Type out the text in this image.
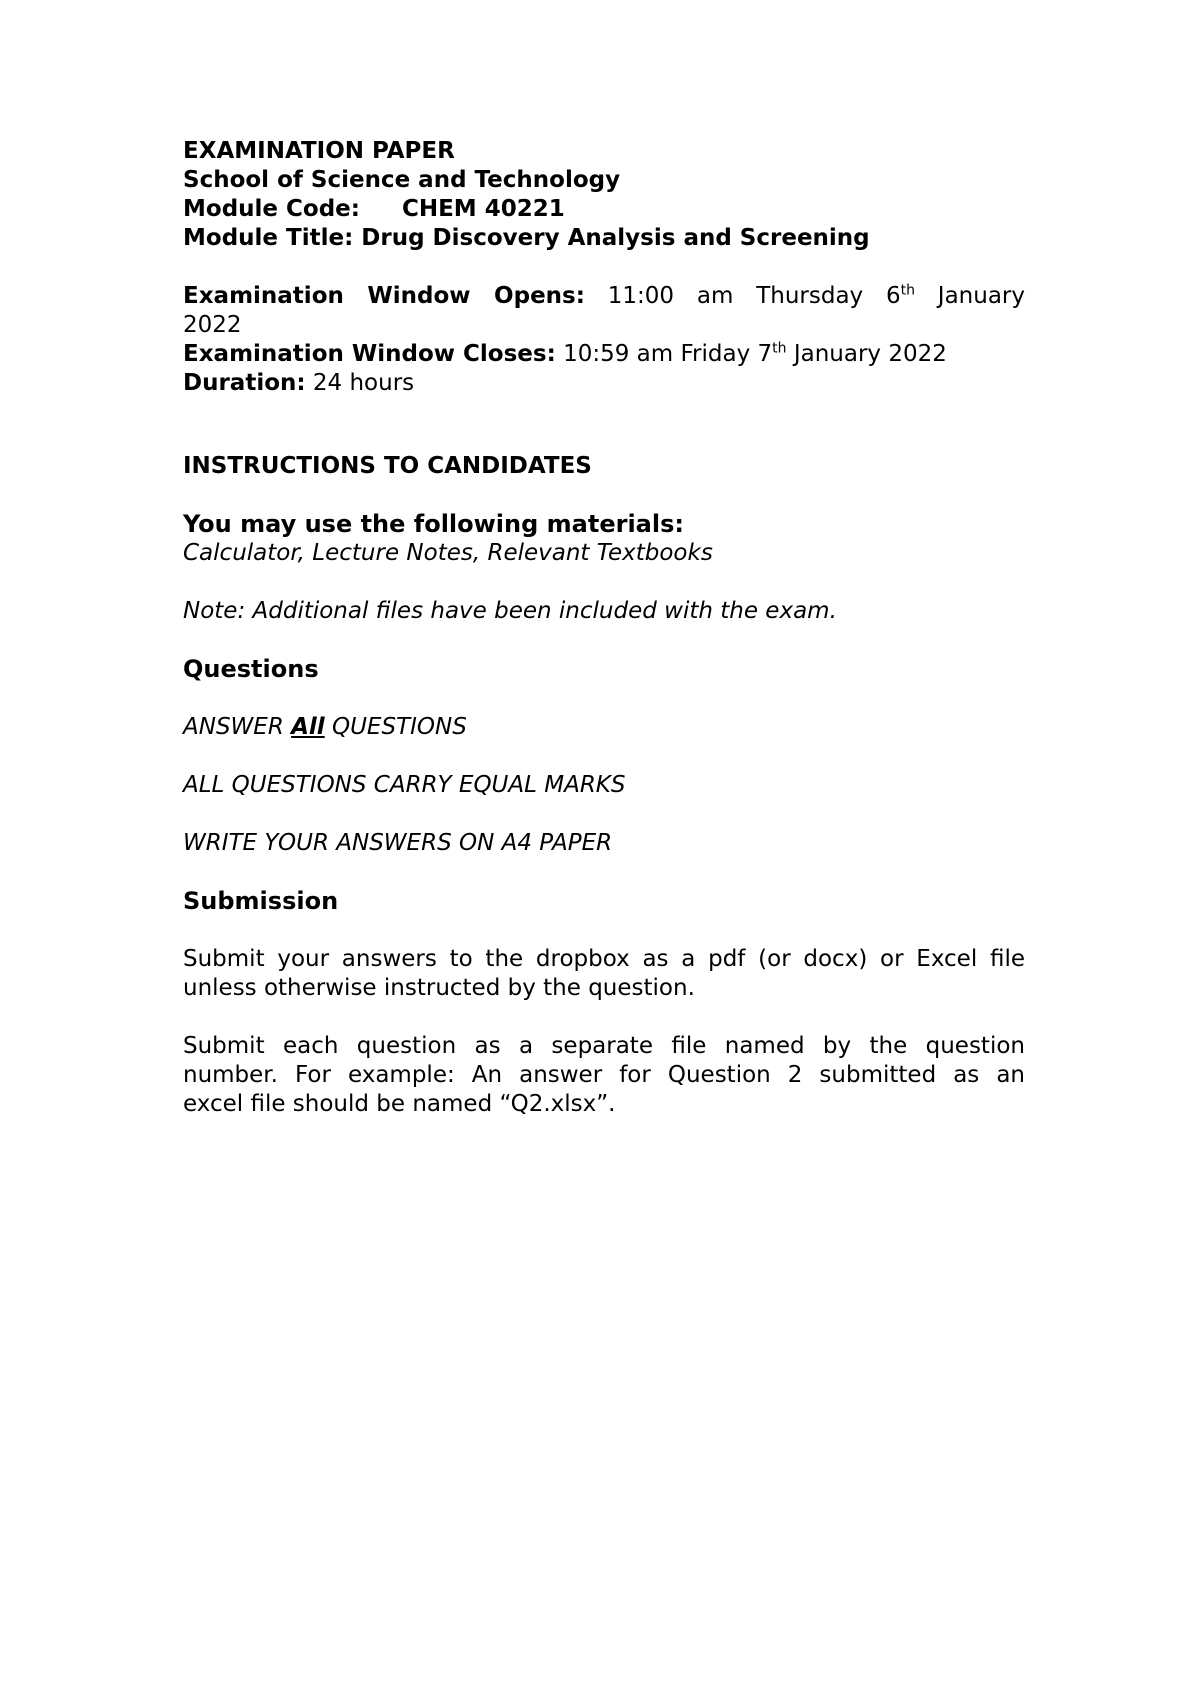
EXAMINATION PAPER
School of Science and Technology
Module Code: CHEM 40221
Module Title: Drug Discovery Analysis and Screening
Examination Window Opens: 11:00 am Thursday 6th January
2022
Examination Window Closes: 10:59 am Friday 7th January 2022
Duration: 24 hours
INSTRUCTIONS TO CANDIDATES
You may use the following materials:
Calculator, Lecture Notes, Relevant Textbooks
Note: Additional files have been included with the exam.
Questions
ANSWER All QUESTIONS
ALL QUESTIONS CARRY EQUAL MARKS
WRITE YOUR ANSWERS ON A4 PAPER
Submission
Submit your answers to the dropbox as a pdf (or docx) or Excel file
unless otherwise instructed by the question.
Submit each question as a separate file named by the question
number. For example: An answer for Question 2 submitted as an
excel file should be named “Q2.xlsx”.
